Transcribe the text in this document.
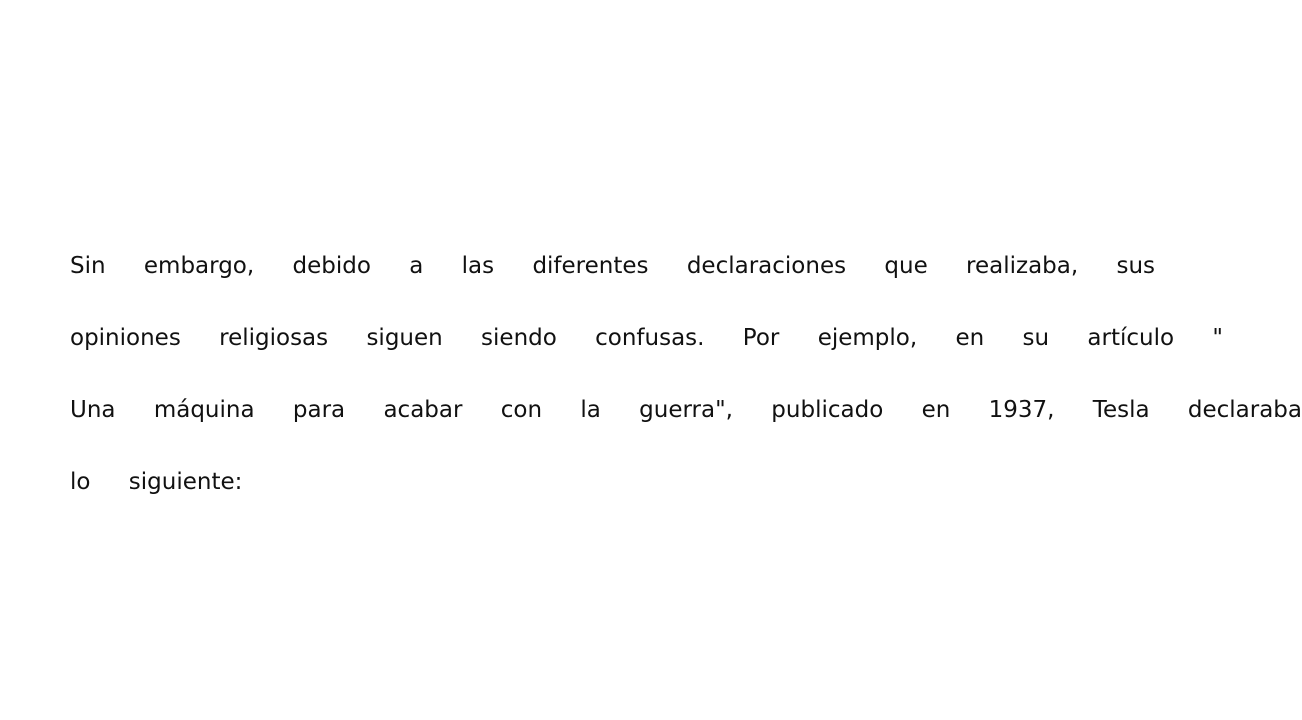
Sin embargo, debido a las diferentes declaraciones que realizaba, sus
opiniones religiosas siguen siendo confusas. Por ejemplo, en su artículo "
Una máquina para acabar con la guerra", publicado en 1937, Tesla declaraba
lo siguiente:
